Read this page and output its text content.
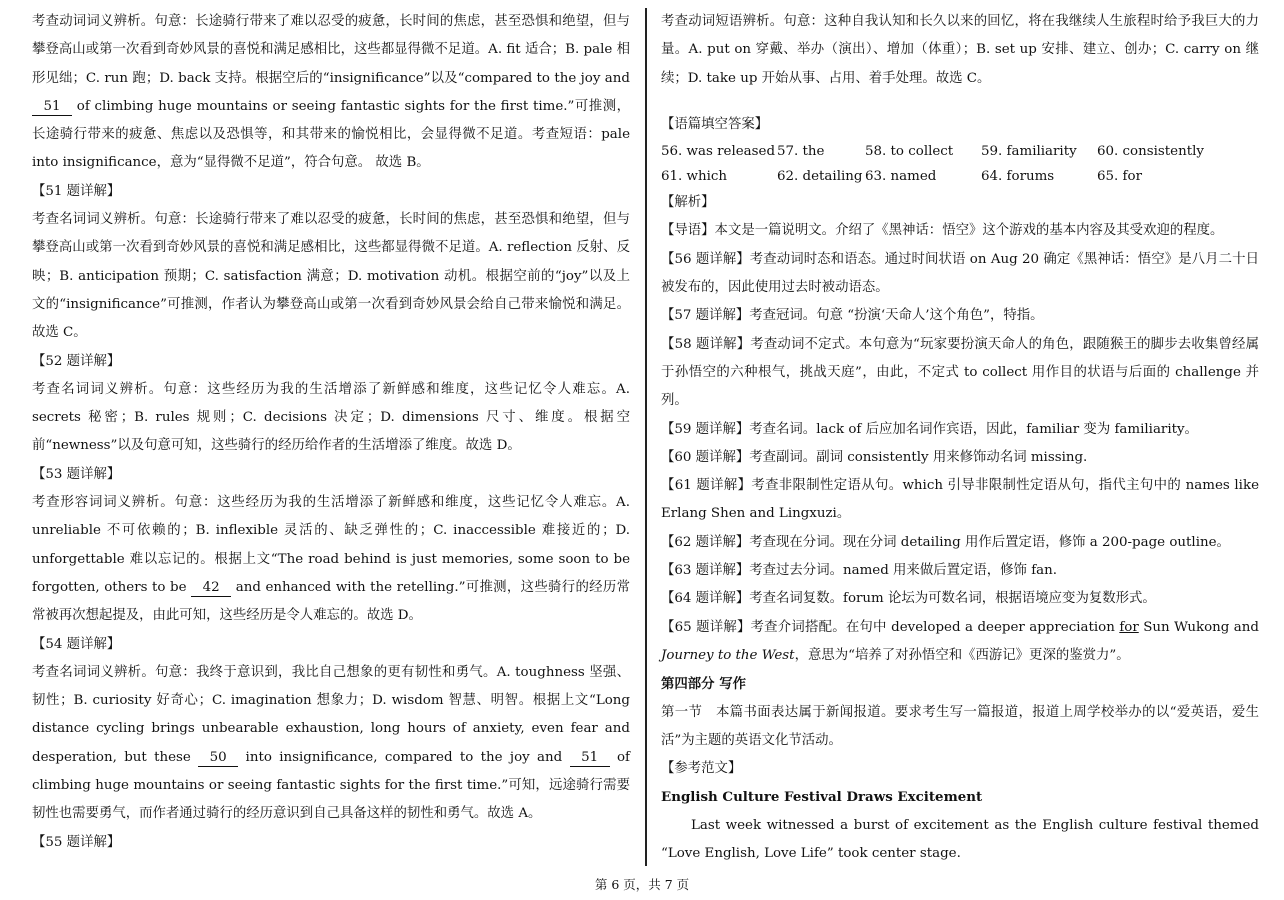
考查动词词义辨析。句意：长途骑行带来了难以忍受的疲惫，长时间的焦虑，甚至恐惧和绝望，但与攀登高山或第一次看到奇妙风景的喜悦和满足感相比，这些都显得微不足道。A. fit 适合；B. pale 相形见绌；C. run 跑；D. back 支持。根据空后的“insignificance”以及“compared to the joy and 51 of climbing huge mountains or seeing fantastic sights for the first time.”可推测，长途骑行带来的疲惫、焦虑以及恐惧等，和其带来的愉悦相比，会显得微不足道。考查短语：pale into insignificance，意为“显得微不足道”，符合句意。 故选 B。

【51 题详解】

考查名词词义辨析。句意：长途骑行带来了难以忍受的疲惫，长时间的焦虑，甚至恐惧和绝望，但与攀登高山或第一次看到奇妙风景的喜悦和满足感相比，这些都显得微不足道。A. reflection 反射、反映；B. anticipation 预期；C. satisfaction 满意；D. motivation 动机。根据空前的“joy”以及上文的“insignificance”可推测，作者认为攀登高山或第一次看到奇妙风景会给自己带来愉悦和满足。故选 C。

【52 题详解】

考查名词词义辨析。句意：这些经历为我的生活增添了新鲜感和维度，这些记忆令人难忘。A. secrets 秘密；B. rules 规则；C. decisions 决定；D. dimensions 尺寸、维度。根据空前“newness”以及句意可知，这些骑行的经历给作者的生活增添了维度。故选 D。

【53 题详解】

考查形容词词义辨析。句意：这些经历为我的生活增添了新鲜感和维度，这些记忆令人难忘。A. unreliable 不可依赖的；B. inflexible 灵活的、缺乏弹性的；C. inaccessible 难接近的；D. unforgettable 难以忘记的。根据上文“The road behind is just memories, some soon to be forgotten, others to be 42 and enhanced with the retelling.”可推测，这些骑行的经历常常被再次想起提及，由此可知，这些经历是令人难忘的。故选 D。

【54 题详解】

考查名词词义辨析。句意：我终于意识到，我比自己想象的更有韧性和勇气。A. toughness 坚强、韧性；B. curiosity 好奇心；C. imagination 想象力；D. wisdom 智慧、明智。根据上文“Long distance cycling brings unbearable exhaustion, long hours of anxiety, even fear and desperation, but these 50 into insignificance, compared to the joy and 51 of climbing huge mountains or seeing fantastic sights for the first time.”可知，远途骑行需要韧性也需要勇气，而作者通过骑行的经历意识到自己具备这样的韧性和勇气。故选 A。

【55 题详解】

考查动词短语辨析。句意：这种自我认知和长久以来的回忆，将在我继续人生旅程时给予我巨大的力量。A. put on 穿戴、举办（演出）、增加（体重）；B. set up 安排、建立、创办；C. carry on 继续；D. take up 开始从事、占用、着手处理。故选 C。

【语篇填空答案】

56. was released 57. the	58. to collect	59. familiarity	60. consistently
61. which	62. detailing 63. named	64. forums	65. for

【解析】

【导语】本文是一篇说明文。介绍了《黑神话：悟空》这个游戏的基本内容及其受欢迎的程度。

【56 题详解】考查动词时态和语态。通过时间状语 on Aug 20 确定《黑神话：悟空》是八月二十日被发布的，因此使用过去时被动语态。

【57 题详解】考查冠词。句意 “扮演‘天命人’这个角色”，特指。

【58 题详解】考查动词不定式。本句意为“玩家要扮演天命人的角色，跟随猴王的脚步去收集曾经属于孙悟空的六种根气，挑战天庭”，由此，不定式 to collect 用作目的状语与后面的 challenge 并列。

【59 题详解】考查名词。lack of 后应加名词作宾语，因此，familiar 变为 familiarity。

【60 题详解】考查副词。副词 consistently 用来修饰动名词 missing.

【61 题详解】考查非限制性定语从句。which 引导非限制性定语从句，指代主句中的 names like Erlang Shen and Lingxuzi。

【62 题详解】考查现在分词。现在分词 detailing 用作后置定语，修饰 a 200-page outline。

【63 题详解】考查过去分词。named 用来做后置定语，修饰 fan.

【64 题详解】考查名词复数。forum 论坛为可数名词，根据语境应变为复数形式。

【65 题详解】考查介词搭配。在句中 developed a deeper appreciation for Sun Wukong and Journey to the West，意思为“培养了对孙悟空和《西游记》更深的鉴赏力”。

第四部分 写作

第一节　本篇书面表达属于新闻报道。要求考生写一篇报道，报道上周学校举办的以“爱英语，爱生活”为主题的英语文化节活动。

【参考范文】

English Culture Festival Draws Excitement

Last week witnessed a burst of excitement as the English culture festival themed “Love English, Love Life” took center stage.

第 6 页，共 7 页
